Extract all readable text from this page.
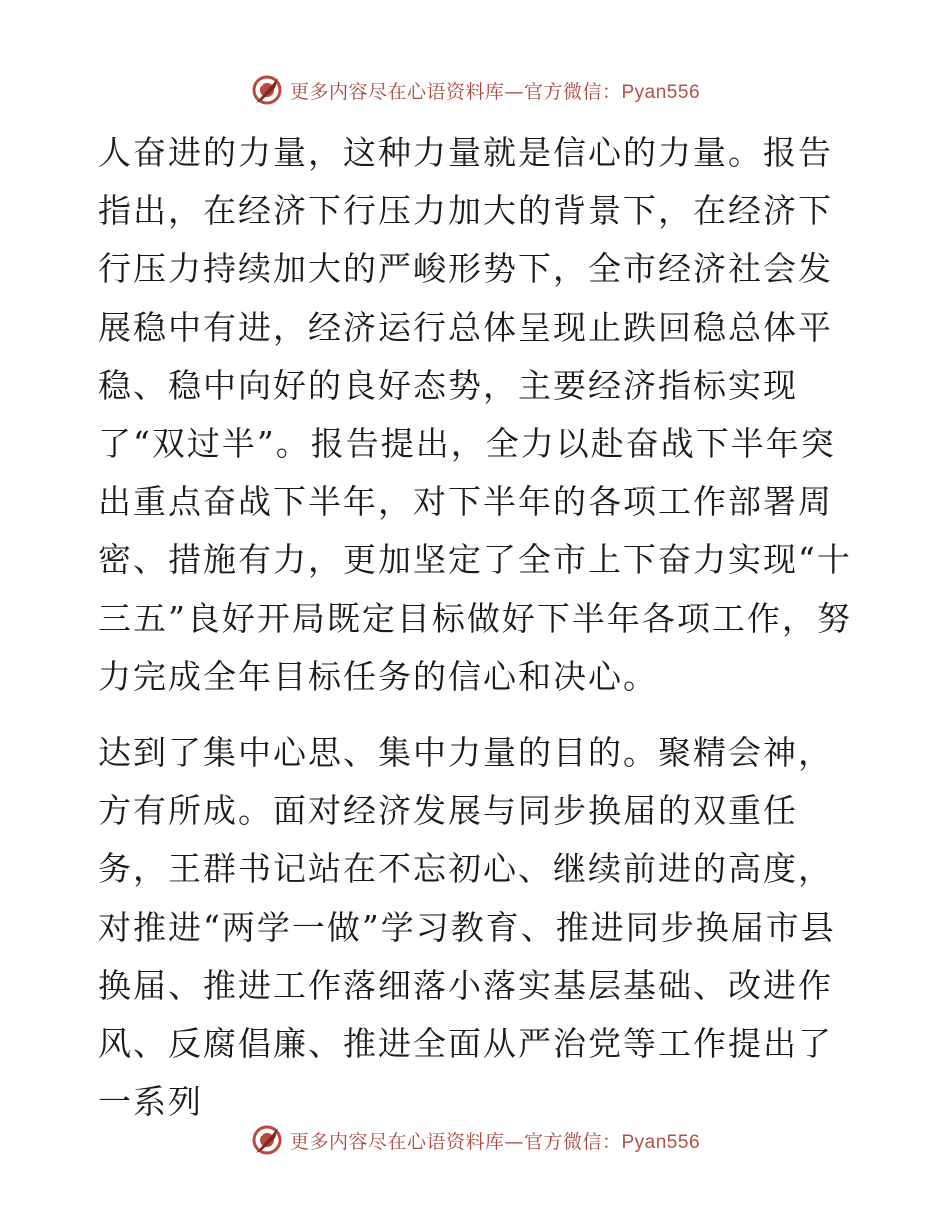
更多内容尽在心语资料库—官方微信：Pyan556

人奋进的力量，这种力量就是信心的力量。报告指出，在经济下行压力加大的背景下，在经济下行压力持续加大的严峻形势下，全市经济社会发展稳中有进，经济运行总体呈现止跌回稳总体平稳、稳中向好的良好态势，主要经济指标实现了“双过半”。报告提出，全力以赴奋战下半年突出重点奋战下半年，对下半年的各项工作部署周密、措施有力，更加坚定了全市上下奋力实现“十三五”良好开局既定目标做好下半年各项工作，努力完成全年目标任务的信心和决心。

达到了集中心思、集中力量的目的。聚精会神，方有所成。面对经济发展与同步换届的双重任务，王群书记站在不忘初心、继续前进的高度，对推进“两学一做”学习教育、推进同步换届市县换届、推进工作落细落小落实基层基础、改进作风、反腐倡廉、推进全面从严治党等工作提出了一系列

更多内容尽在心语资料库—官方微信：Pyan556
